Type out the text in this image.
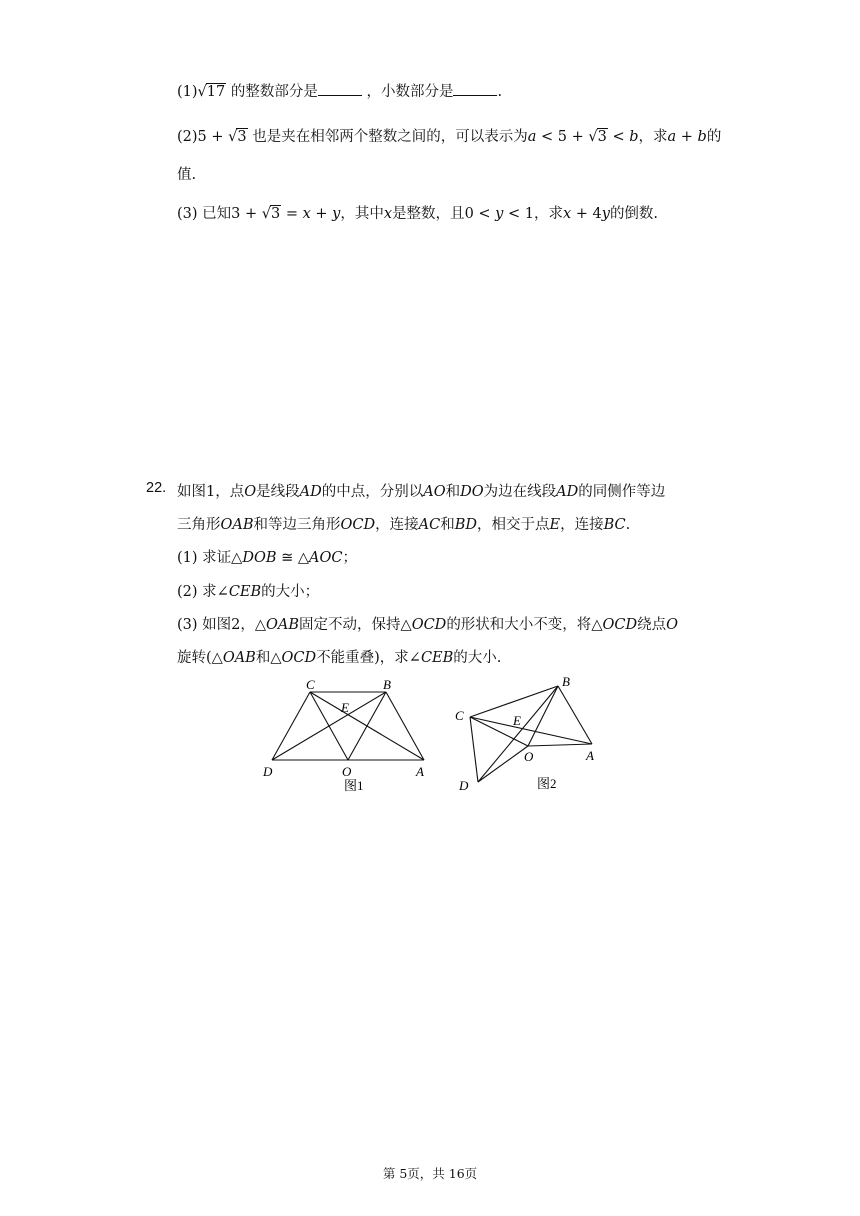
(1)√17 的整数部分是	，小数部分是	.
(2)5 + √3 也是夹在相邻两个整数之间的，可以表示为a < 5 + √3 < b，求a + b的
值.
(3) 已知3 + √3 = x + y，其中x是整数，且0 < y < 1，求x + 4y的倒数.
22. 如图1，点O是线段AD的中点，分别以AO和DO为边在线段AD的同侧作等边
三角形OAB和等边三角形OCD，连接AC和BD，相交于点E，连接BC.
(1) 求证△DOB ≅ △AOC；
(2) 求∠CEB的大小；
(3) 如图2，△OAB固定不动，保持△OCD的形状和大小不变，将△OCD绕点O
旋转(△OAB和△OCD不能重叠)，求∠CEB的大小.
C	B
E
D	O	A
图1
B
C	E
O	A
D	图2
第 5页，共 16页
